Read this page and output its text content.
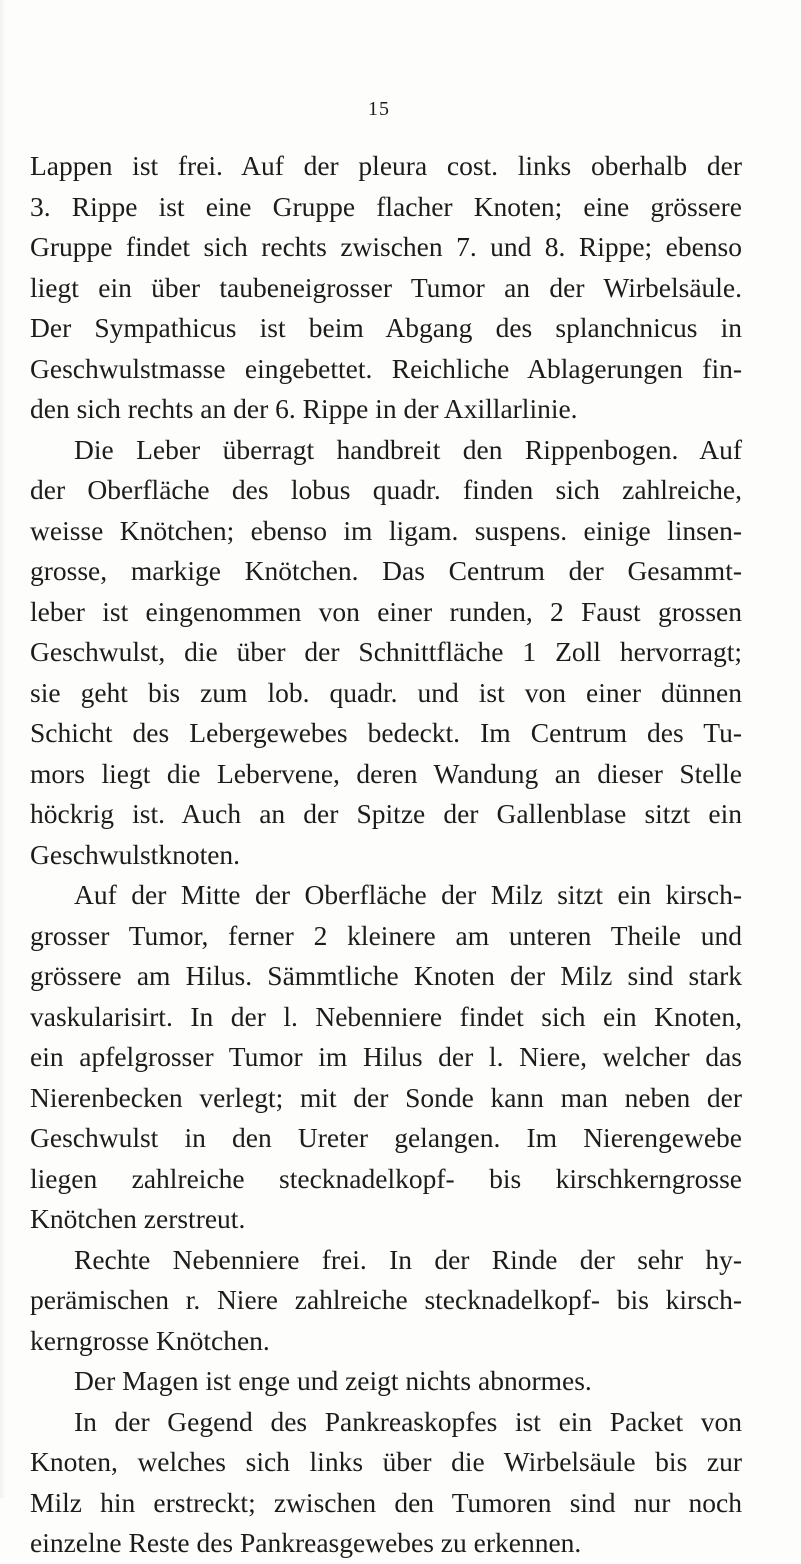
15
Lappen ist frei. Auf der pleura cost. links oberhalb der
3. Rippe ist eine Gruppe flacher Knoten; eine grössere
Gruppe findet sich rechts zwischen 7. und 8. Rippe; ebenso
liegt ein über taubeneigrosser Tumor an der Wirbelsäule.
Der Sympathicus ist beim Abgang des splanchnicus in
Geschwulstmasse eingebettet. Reichliche Ablagerungen fin-
den sich rechts an der 6. Rippe in der Axillarlinie.
Die Leber überragt handbreit den Rippenbogen. Auf
der Oberfläche des lobus quadr. finden sich zahlreiche,
weisse Knötchen; ebenso im ligam. suspens. einige linsen-
grosse, markige Knötchen. Das Centrum der Gesammt-
leber ist eingenommen von einer runden, 2 Faust grossen
Geschwulst, die über der Schnittfläche 1 Zoll hervorragt;
sie geht bis zum lob. quadr. und ist von einer dünnen
Schicht des Lebergewebes bedeckt. Im Centrum des Tu-
mors liegt die Lebervene, deren Wandung an dieser Stelle
höckrig ist. Auch an der Spitze der Gallenblase sitzt ein
Geschwulstknoten.
Auf der Mitte der Oberfläche der Milz sitzt ein kirsch-
grosser Tumor, ferner 2 kleinere am unteren Theile und
grössere am Hilus. Sämmtliche Knoten der Milz sind stark
vaskularisirt. In der l. Nebenniere findet sich ein Knoten,
ein apfelgrosser Tumor im Hilus der l. Niere, welcher das
Nierenbecken verlegt; mit der Sonde kann man neben der
Geschwulst in den Ureter gelangen. Im Nierengewebe
liegen zahlreiche stecknadelkopf- bis kirschkerngrosse
Knötchen zerstreut.
Rechte Nebenniere frei. In der Rinde der sehr hy-
perämischen r. Niere zahlreiche stecknadelkopf- bis kirsch-
kerngrosse Knötchen.
Der Magen ist enge und zeigt nichts abnormes.
In der Gegend des Pankreaskopfes ist ein Packet von
Knoten, welches sich links über die Wirbelsäule bis zur
Milz hin erstreckt; zwischen den Tumoren sind nur noch
einzelne Reste des Pankreasgewebes zu erkennen.
